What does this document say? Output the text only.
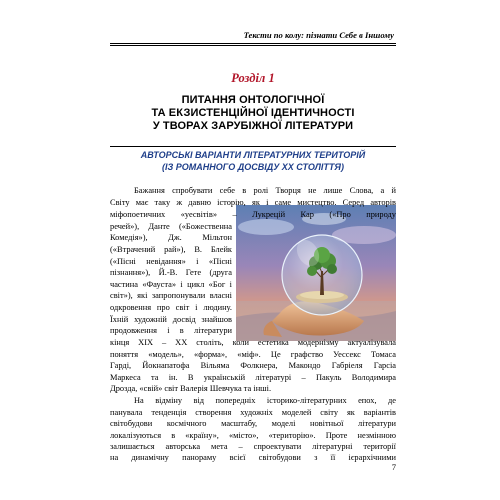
Тексти по колу: пізнати Себе в Іншому
Розділ 1
ПИТАННЯ ОНТОЛОГІЧНОЇ
ТА ЕКЗИСТЕНЦІЙНОЇ ІДЕНТИЧНОСТІ
У ТВОРАХ ЗАРУБІЖНОЇ ЛІТЕРАТУРИ
АВТОРСЬКІ ВАРІАНТИ ЛІТЕРАТУРНИХ ТЕРИТОРІЙ
(ІЗ РОМАННОГО ДОСВІДУ ХХ СТОЛІТТЯ)
Бажання спробувати себе в ролі Творця не лише Слова, а й
Світу має таку ж давню історію, як і саме мистецтво. Серед авторів
міфопоетичних «уесвітів» – Лукрецій Кар («Про природу
речей»), Данте («Божественна
Комедія»), Дж. Мільтон
(«Втрачений рай»), В. Блейк
(«Пісні невідання» і «Пісні
пізнання»), Й.-В. Гете (друга
частина «Фауста» і цикл «Бог і
світ»), які запропонували власні
одкровення про світ і людину.
Їхній художній досвід знайшов
продовження і в літератури
кінця XIX – XX століть, коли естетика модернізму актуалізувала
поняття «модель», «форма», «міф». Це графство Уессекс Томаса
Гарді, Йокнапатофа Вільяма Фолкнера, Макондо Габріеля Гарсіа
Маркеса та ін. В українській літературі – Пакуль Володимира
Дрозда, «свій» світ Валерія Шевчука та інші.
На відміну від попередніх історико-літературних епох, де
панувала тенденція створення художніх моделей світу як варіантів
світобудови космічного масштабу, моделі новітньої літератури
локалізуються в «країну», «місто», «територію». Проте незмінною
залишається авторська мета – спроектувати літературні території
на динамічну панораму всієї світобудови з її ієрархічними
7
